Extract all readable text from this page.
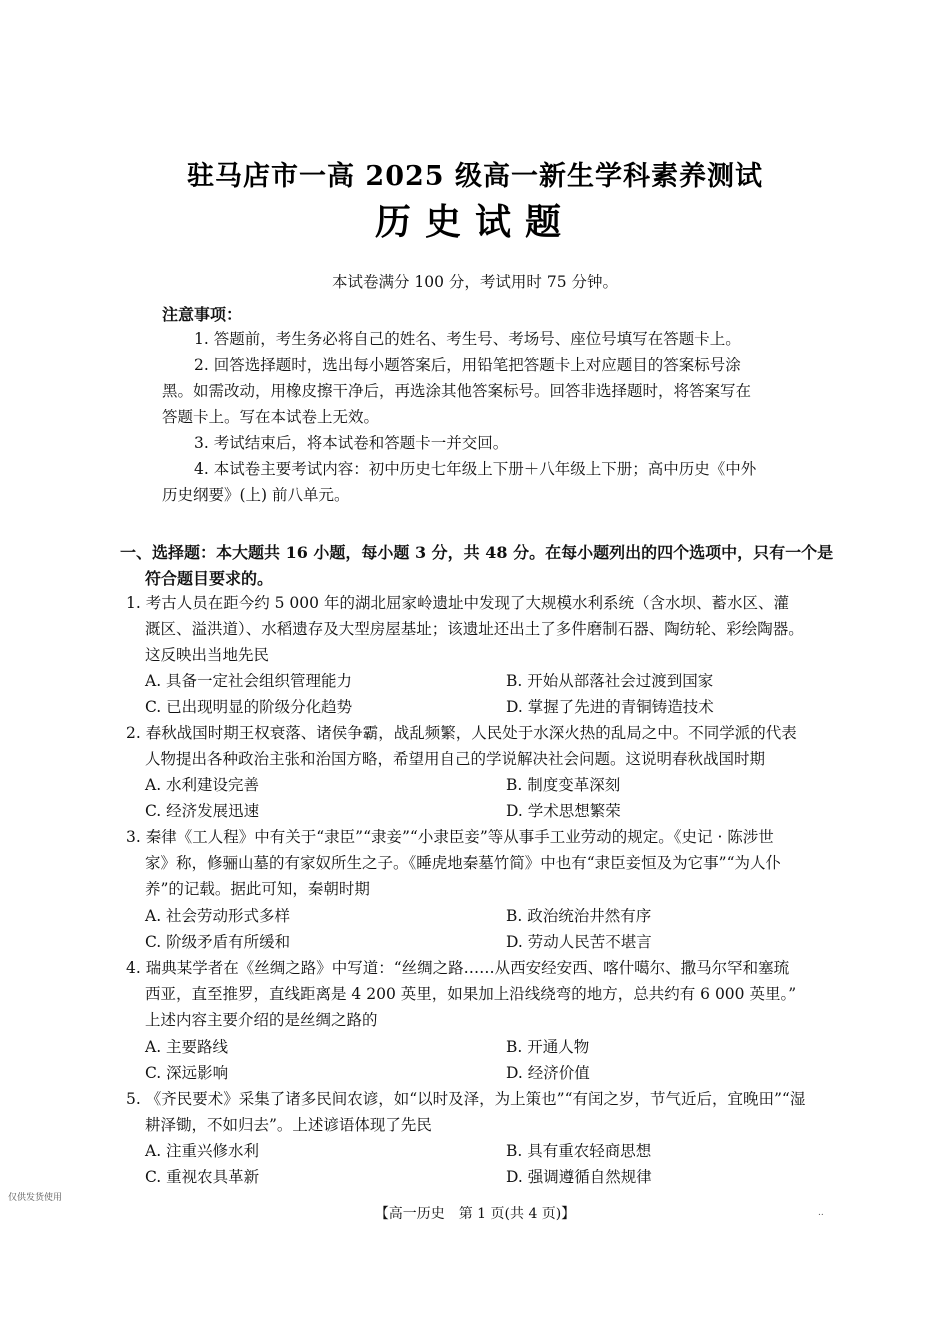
驻马店市一高 2025 级高一新生学科素养测试
历史试题
本试卷满分 100 分，考试用时 75 分钟。
注意事项：
1. 答题前，考生务必将自己的姓名、考生号、考场号、座位号填写在答题卡上。
2. 回答选择题时，选出每小题答案后，用铅笔把答题卡上对应题目的答案标号涂
黑。如需改动，用橡皮擦干净后，再选涂其他答案标号。回答非选择题时，将答案写在
答题卡上。写在本试卷上无效。
3. 考试结束后，将本试卷和答题卡一并交回。
4. 本试卷主要考试内容：初中历史七年级上下册＋八年级上下册；高中历史《中外
历史纲要》(上) 前八单元。
一、选择题：本大题共 16 小题，每小题 3 分，共 48 分。在每小题列出的四个选项中，只有一个是
符合题目要求的。
1. 考古人员在距今约 5 000 年的湖北屈家岭遗址中发现了大规模水利系统（含水坝、蓄水区、灌
溉区、溢洪道）、水稻遗存及大型房屋基址；该遗址还出土了多件磨制石器、陶纺轮、彩绘陶器。
这反映出当地先民
A. 具备一定社会组织管理能力	B. 开始从部落社会过渡到国家
C. 已出现明显的阶级分化趋势	D. 掌握了先进的青铜铸造技术
2. 春秋战国时期王权衰落、诸侯争霸，战乱频繁，人民处于水深火热的乱局之中。不同学派的代表
人物提出各种政治主张和治国方略，希望用自己的学说解决社会问题。这说明春秋战国时期
A. 水利建设完善	B. 制度变革深刻
C. 经济发展迅速	D. 学术思想繁荣
3. 秦律《工人程》中有关于“隶臣”“隶妾”“小隶臣妾”等从事手工业劳动的规定。《史记 · 陈涉世
家》称，修骊山墓的有家奴所生之子。《睡虎地秦墓竹简》中也有“隶臣妾恒及为它事”“为人仆
养”的记载。据此可知，秦朝时期
A. 社会劳动形式多样	B. 政治统治井然有序
C. 阶级矛盾有所缓和	D. 劳动人民苦不堪言
4. 瑞典某学者在《丝绸之路》中写道：“丝绸之路……从西安经安西、喀什噶尔、撒马尔罕和塞琉
西亚，直至推罗，直线距离是 4 200 英里，如果加上沿线绕弯的地方，总共约有 6 000 英里。”
上述内容主要介绍的是丝绸之路的
A. 主要路线	B. 开通人物
C. 深远影响	D. 经济价值
5. 《齐民要术》采集了诸多民间农谚，如“以时及泽，为上策也”“有闰之岁，节气近后，宜晚田”“湿
耕泽锄，不如归去”。上述谚语体现了先民
A. 注重兴修水利	B. 具有重农轻商思想
C. 重视农具革新	D. 强调遵循自然规律
仅供发货使用
【高一历史　第 1 页(共 4 页)】	..
